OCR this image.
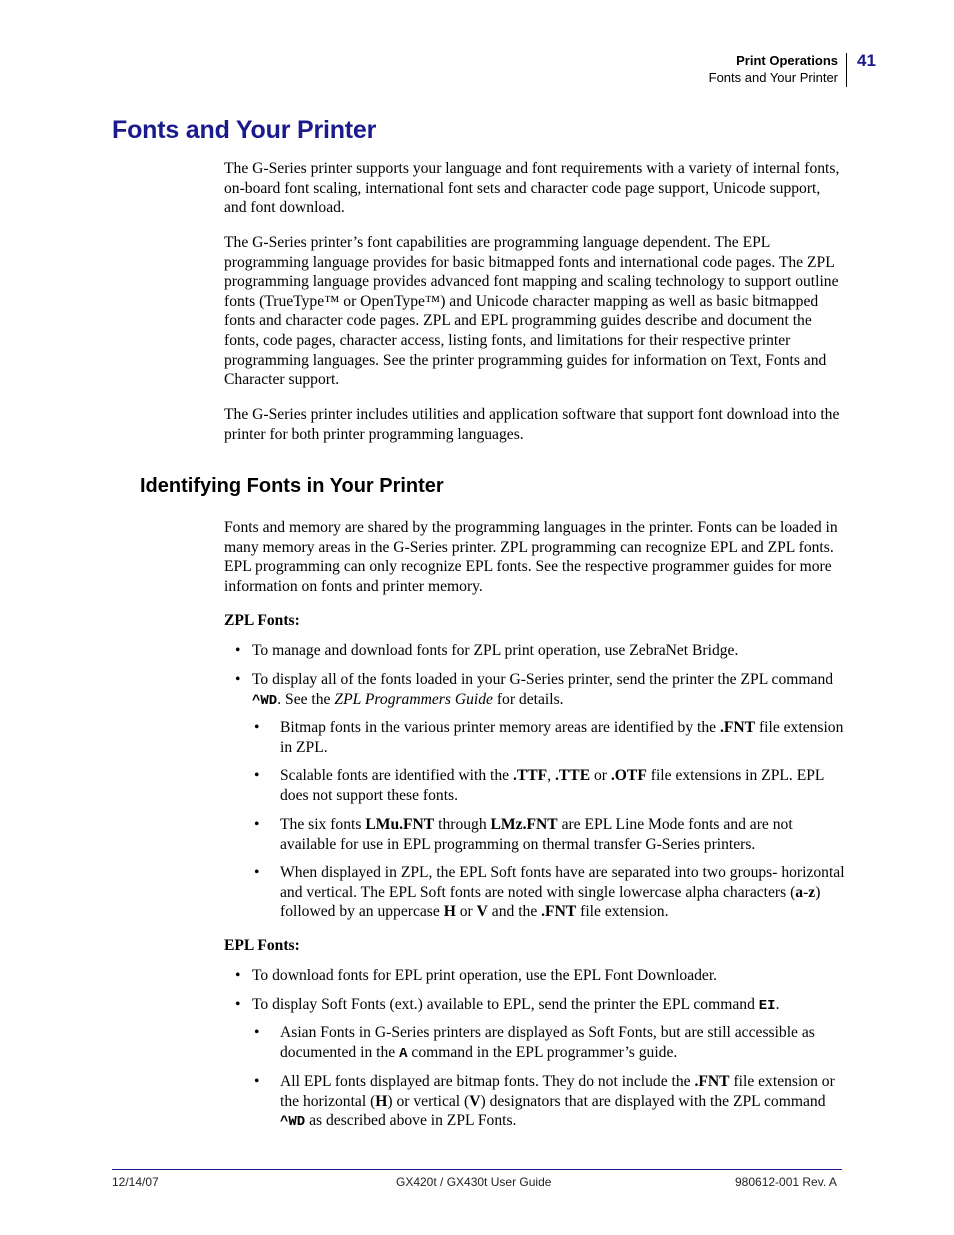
Print Operations
Fonts and Your Printer
41
Fonts and Your Printer

The G-Series printer supports your language and font requirements with a variety of internal fonts, on-board font scaling, international font sets and character code page support, Unicode support, and font download.

The G-Series printer’s font capabilities are programming language dependent. The EPL programming language provides for basic bitmapped fonts and international code pages. The ZPL programming language provides advanced font mapping and scaling technology to support outline fonts (TrueType™ or OpenType™) and Unicode character mapping as well as basic bitmapped fonts and character code pages. ZPL and EPL programming guides describe and document the fonts, code pages, character access, listing fonts, and limitations for their respective printer programming languages. See the printer programming guides for information on Text, Fonts and Character support.

The G-Series printer includes utilities and application software that support font download into the printer for both printer programming languages.

Identifying Fonts in Your Printer

Fonts and memory are shared by the programming languages in the printer. Fonts can be loaded in many memory areas in the G-Series printer. ZPL programming can recognize EPL and ZPL fonts. EPL programming can only recognize EPL fonts. See the respective programmer guides for more information on fonts and printer memory.

ZPL Fonts:

• To manage and download fonts for ZPL print operation, use ZebraNet Bridge.

• To display all of the fonts loaded in your G-Series printer, send the printer the ZPL command ^WD. See the ZPL Programmers Guide for details.

• Bitmap fonts in the various printer memory areas are identified by the .FNT file extension in ZPL.

• Scalable fonts are identified with the .TTF, .TTE or .OTF file extensions in ZPL. EPL does not support these fonts.

• The six fonts LMu.FNT through LMz.FNT are EPL Line Mode fonts and are not available for use in EPL programming on thermal transfer G-Series printers.

• When displayed in ZPL, the EPL Soft fonts have are separated into two groups- horizontal and vertical. The EPL Soft fonts are noted with single lowercase alpha characters (a-z) followed by an uppercase H or V and the .FNT file extension.

EPL Fonts:

• To download fonts for EPL print operation, use the EPL Font Downloader.

• To display Soft Fonts (ext.) available to EPL, send the printer the EPL command EI.

• Asian Fonts in G-Series printers are displayed as Soft Fonts, but are still accessible as documented in the A command in the EPL programmer’s guide.

• All EPL fonts displayed are bitmap fonts. They do not include the .FNT file extension or the horizontal (H) or vertical (V) designators that are displayed with the ZPL command ^WD as described above in ZPL Fonts.

12/14/07	GX420t / GX430t User Guide	980612-001 Rev. A
